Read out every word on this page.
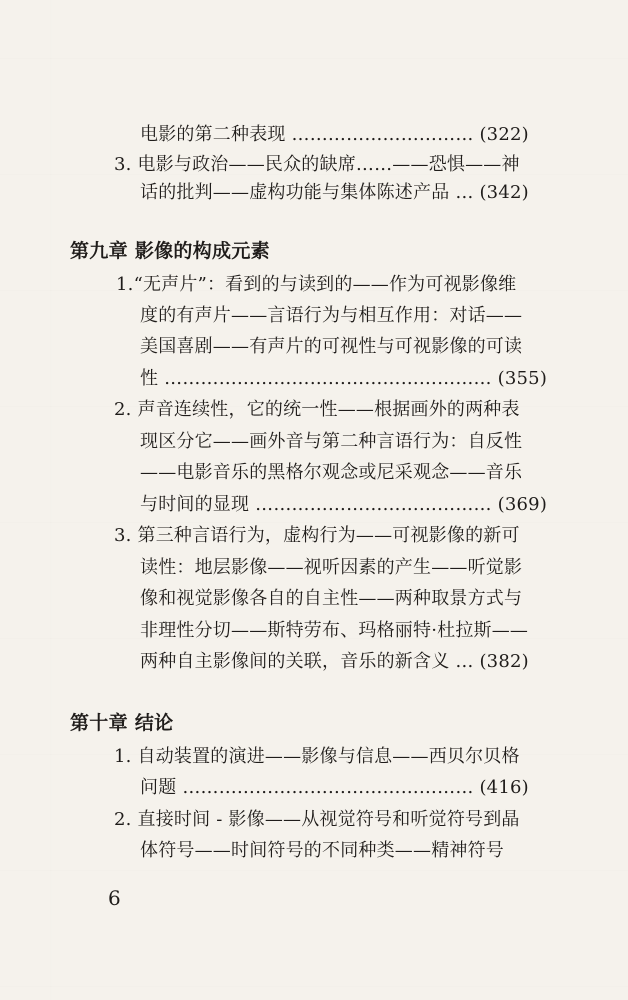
电影的第二种表现 ………………………… (322)
3. 电影与政治——民众的缺席……——恐惧——神
话的批判——虚构功能与集体陈述产品 … (342)
第九章 影像的构成元素
1.“无声片”：看到的与读到的——作为可视影像维
度的有声片——言语行为与相互作用：对话——
美国喜剧——有声片的可视性与可视影像的可读
性 ……………………………………………… (355)
2. 声音连续性，它的统一性——根据画外的两种表
现区分它——画外音与第二种言语行为：自反性
——电影音乐的黑格尔观念或尼采观念——音乐
与时间的显现 ………………………………… (369)
3. 第三种言语行为，虚构行为——可视影像的新可
读性：地层影像——视听因素的产生——听觉影
像和视觉影像各自的自主性——两种取景方式与
非理性分切——斯特劳布、玛格丽特·杜拉斯——
两种自主影像间的关联，音乐的新含义 … (382)
第十章 结论
1. 自动装置的演进——影像与信息——西贝尔贝格
问题 ………………………………………… (416)
2. 直接时间 - 影像——从视觉符号和听觉符号到晶
体符号——时间符号的不同种类——精神符号
6
